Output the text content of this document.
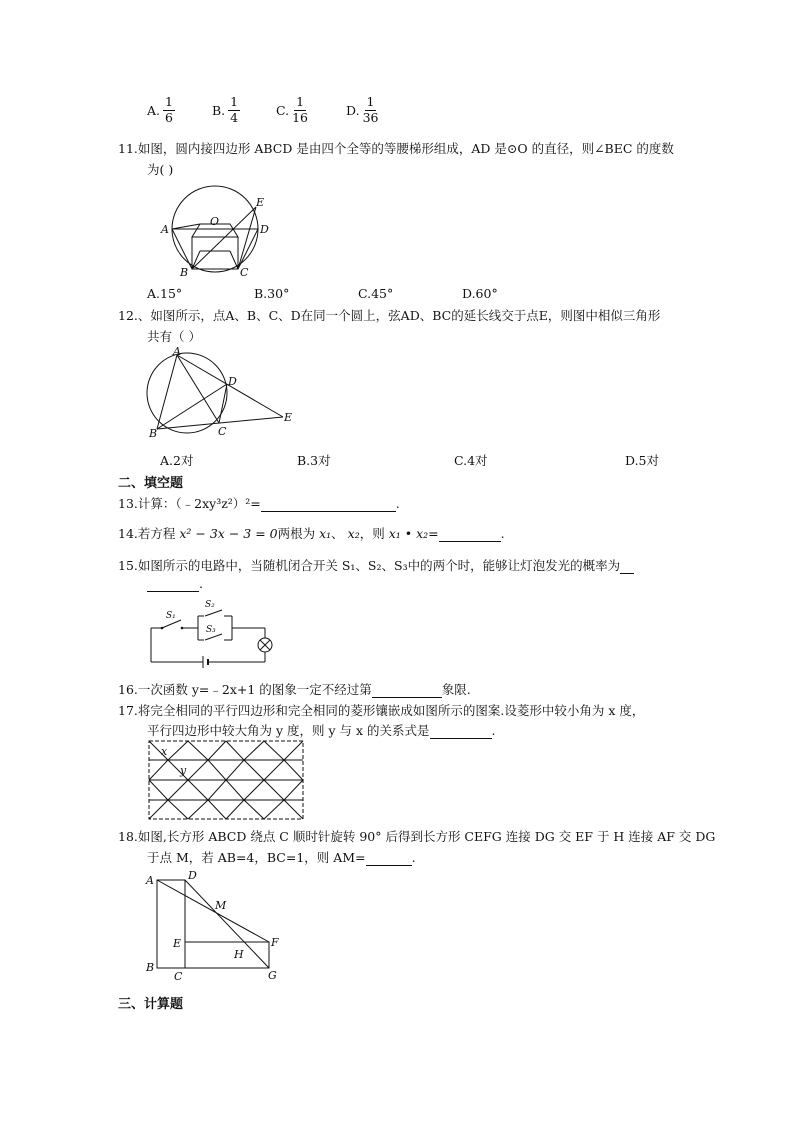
A. $\frac{1}{6}$	B. $\frac{1}{4}$	C. $\frac{1}{16}$	D. $\frac{1}{36}$
11.如图，圆内接四边形 ABCD 是由四个全等的等腰梯形组成，AD 是⊙O 的直径，则∠BEC 的度数
为( )
A
B	C
D
E
O
A.15°	B.30°	C.45°	D.60°
12.、如图所示，点A、B、C、D在同一个圆上，弦AD、BC的延长线交于点E，则图中相似三角形
共有（ ）
A
B	C
D
E
A.2对	B.3对	C.4对	D.5对
二、填空题
13.计算：（﹣2xy³z²）²=	.
14.若方程 x² − 3x − 3 = 0两根为 x₁、 x₂，则 x₁ • x₂=	.
15.如图所示的电路中，当随机闭合开关 S₁、S₂、S₃中的两个时，能够让灯泡发光的概率为
.
S₁
S₂
S₃
16.一次函数 y=﹣2x+1 的图象一定不经过第	象限.
17.将完全相同的平行四边形和完全相同的菱形镶嵌成如图所示的图案.设菱形中较小角为 x 度，
平行四边形中较大角为 y 度，则 y 与 x 的关系式是	.
x
y
18.如图,长方形 ABCD 绕点 C 顺时针旋转 90° 后得到长方形 CEFG 连接 DG 交 EF 于 H 连接 AF 交 DG
于点 M，若 AB=4，BC=1，则 AM=	.
A
B
C
D
E	F
G
H
M
三、计算题
